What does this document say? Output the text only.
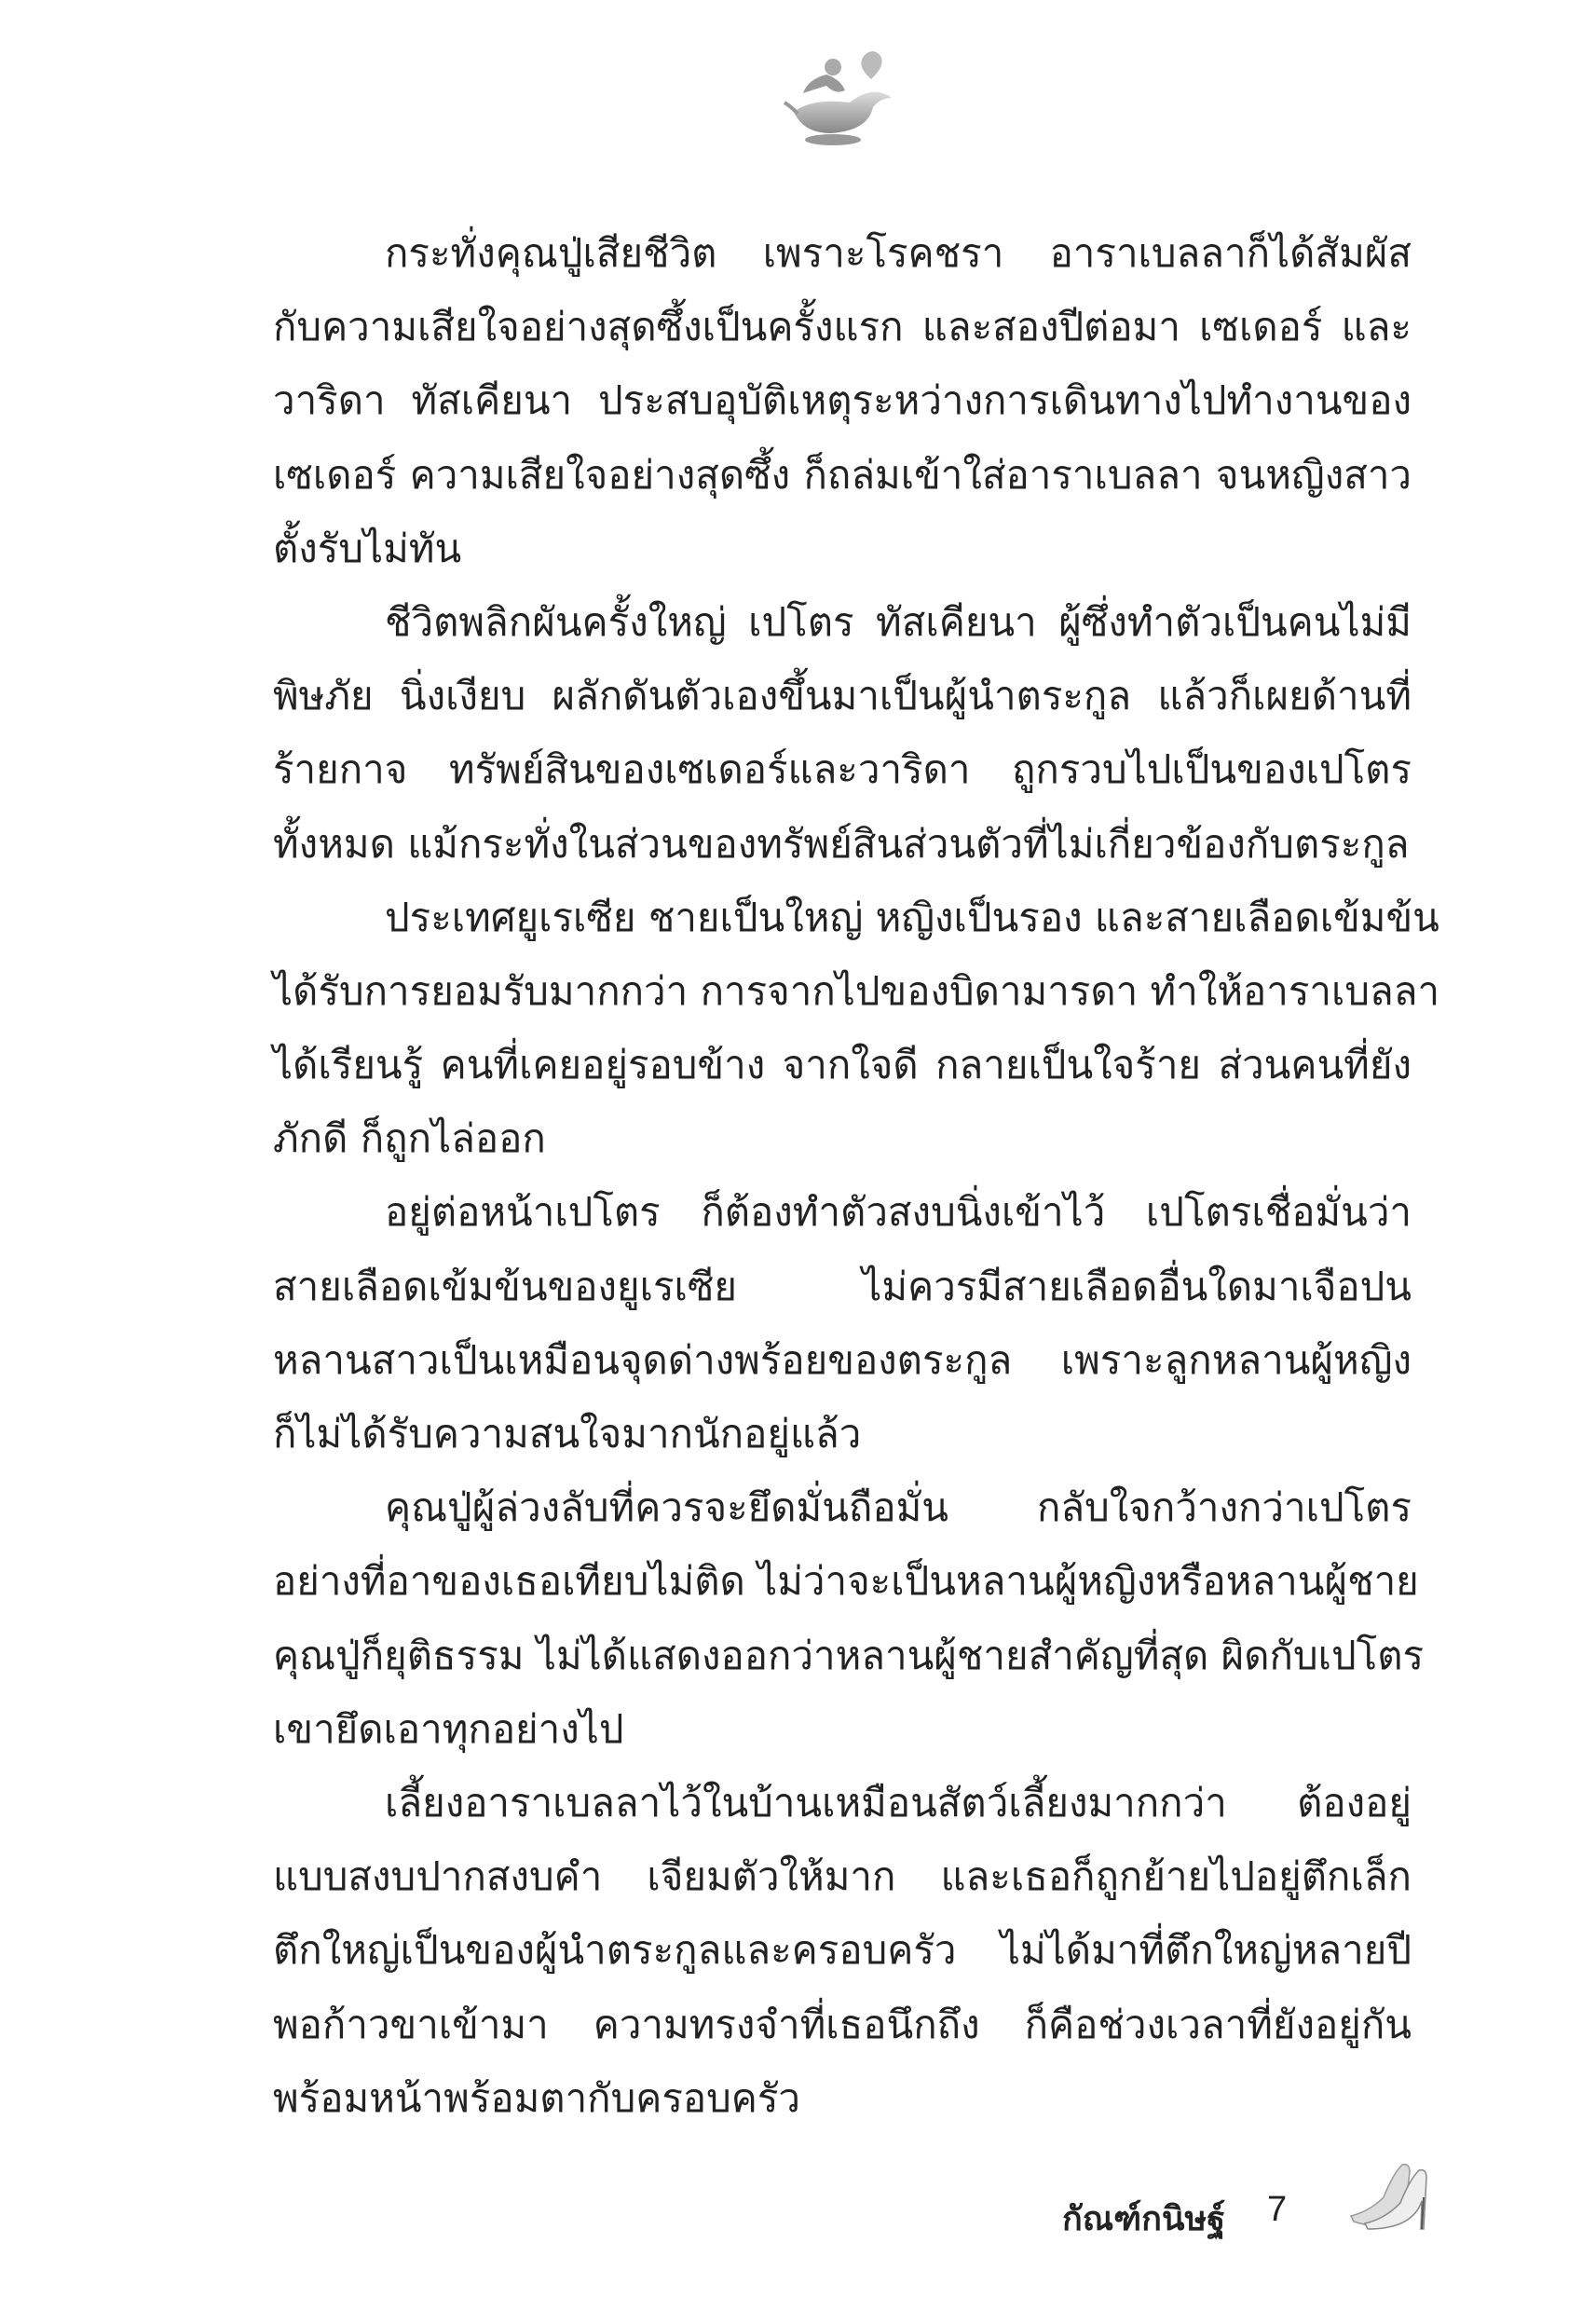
กระทั่งคุณปู่เสียชีวิต เพราะโรคชรา อาราเบลลาก็ได้สัมผัส
กับความเสียใจอย่างสุดซึ้งเป็นครั้งแรก และสองปีต่อมา เซเดอร์ และ
วาริดา ทัสเคียนา ประสบอุบัติเหตุระหว่างการเดินทางไปทำงานของ
เซเดอร์ ความเสียใจอย่างสุดซึ้ง ก็ถล่มเข้าใส่อาราเบลลา จนหญิงสาว
ตั้งรับไม่ทัน
ชีวิตพลิกผันครั้งใหญ่ เปโตร ทัสเคียนา ผู้ซึ่งทำตัวเป็นคนไม่มี
พิษภัย นิ่งเงียบ ผลักดันตัวเองขึ้นมาเป็นผู้นำตระกูล แล้วก็เผยด้านที่
ร้ายกาจ ทรัพย์สินของเซเดอร์และวาริดา ถูกรวบไปเป็นของเปโตร
ทั้งหมด แม้กระทั่งในส่วนของทรัพย์สินส่วนตัวที่ไม่เกี่ยวข้องกับตระกูล
ประเทศยูเรเซีย ชายเป็นใหญ่ หญิงเป็นรอง และสายเลือดเข้มข้น
ได้รับการยอมรับมากกว่า การจากไปของบิดามารดา ทำให้อาราเบลลา
ได้เรียนรู้ คนที่เคยอยู่รอบข้าง จากใจดี กลายเป็นใจร้าย ส่วนคนที่ยัง
ภักดี ก็ถูกไล่ออก
อยู่ต่อหน้าเปโตร ก็ต้องทำตัวสงบนิ่งเข้าไว้ เปโตรเชื่อมั่นว่า
สายเลือดเข้มข้นของยูเรเซีย ไม่ควรมีสายเลือดอื่นใดมาเจือปน
หลานสาวเป็นเหมือนจุดด่างพร้อยของตระกูล เพราะลูกหลานผู้หญิง
ก็ไม่ได้รับความสนใจมากนักอยู่แล้ว
คุณปู่ผู้ล่วงลับที่ควรจะยึดมั่นถือมั่น กลับใจกว้างกว่าเปโตร
อย่างที่อาของเธอเทียบไม่ติด ไม่ว่าจะเป็นหลานผู้หญิงหรือหลานผู้ชาย
คุณปู่ก็ยุติธรรม ไม่ได้แสดงออกว่าหลานผู้ชายสำคัญที่สุด ผิดกับเปโตร
เขายึดเอาทุกอย่างไป
เลี้ยงอาราเบลลาไว้ในบ้านเหมือนสัตว์เลี้ยงมากกว่า ต้องอยู่
แบบสงบปากสงบคำ เจียมตัวให้มาก และเธอก็ถูกย้ายไปอยู่ตึกเล็ก
ตึกใหญ่เป็นของผู้นำตระกูลและครอบครัว ไม่ได้มาที่ตึกใหญ่หลายปี
พอก้าวขาเข้ามา ความทรงจำที่เธอนึกถึง ก็คือช่วงเวลาที่ยังอยู่กัน
พร้อมหน้าพร้อมตากับครอบครัว
กัณฑ์กนิษฐ์ 7
